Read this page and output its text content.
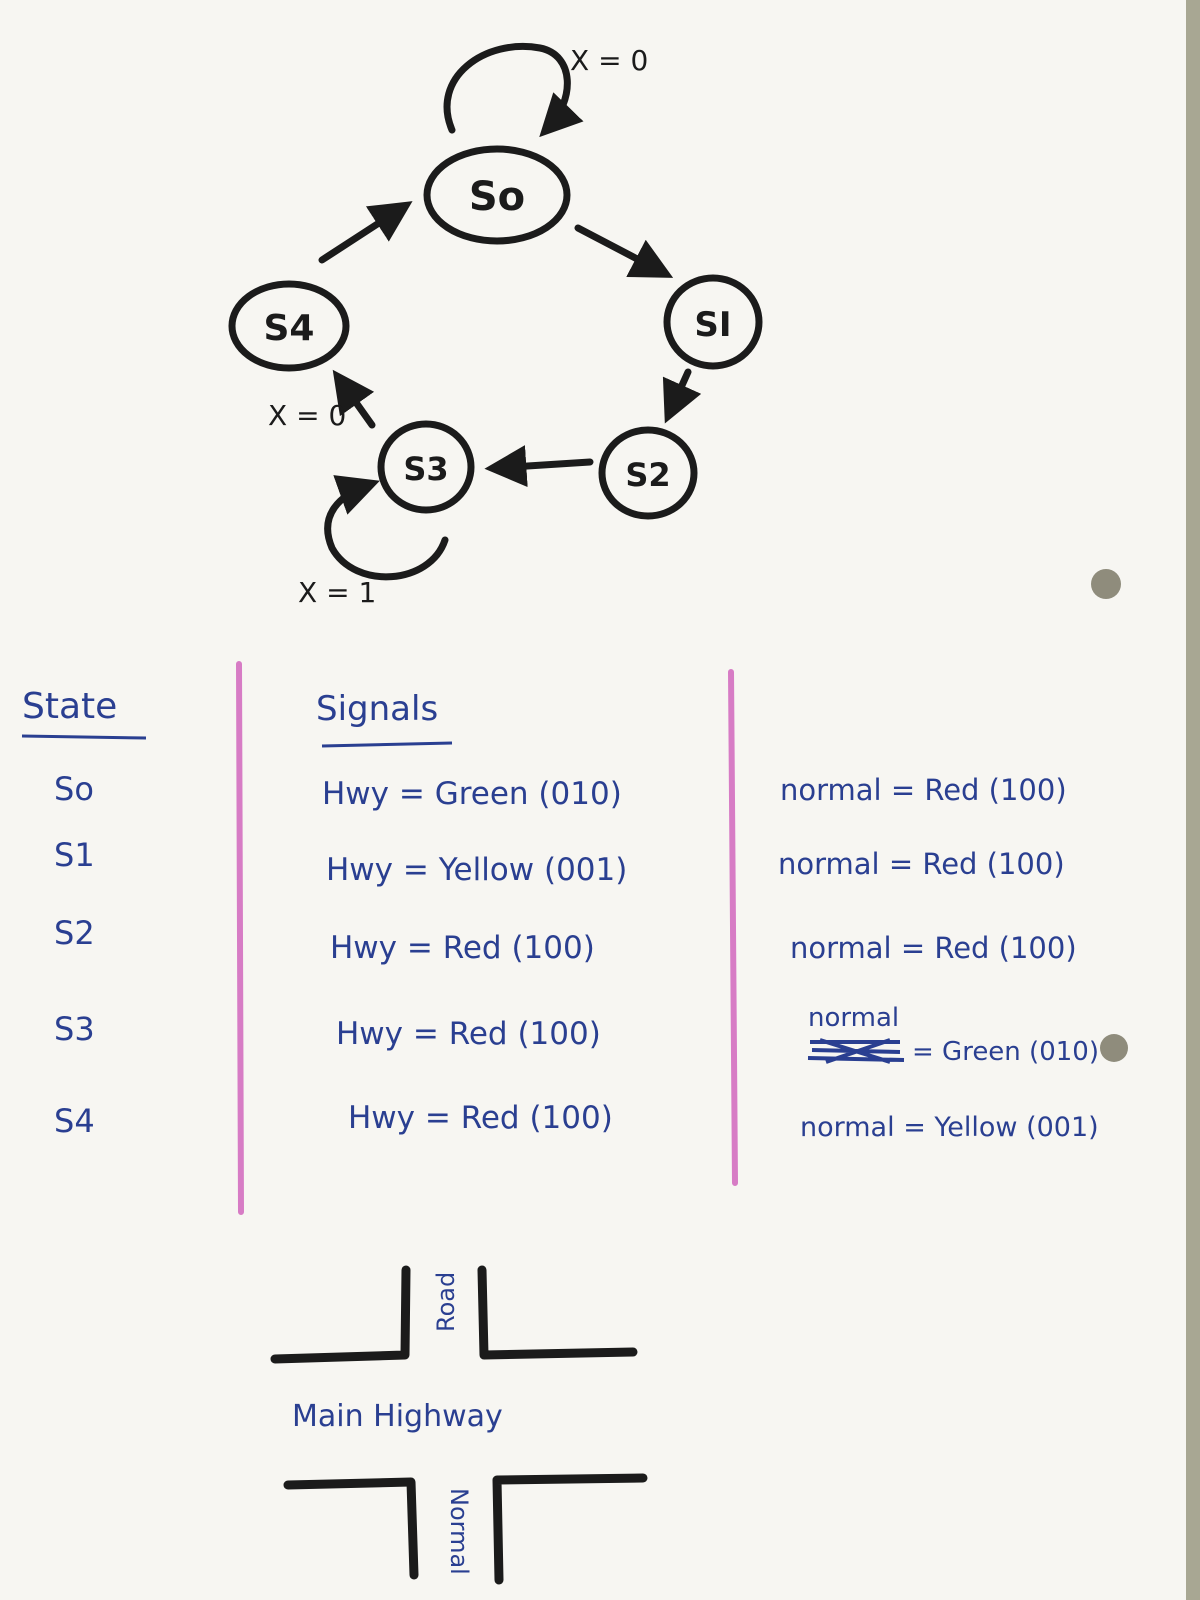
So
SI
S2
S3
S4
X = 0
X = 0
X = 1
State	Signals
So
S1
S2
S3
S4
Hwy = Green (010)
Hwy = Yellow (001)
Hwy = Red (100)
Hwy = Red (100)
Hwy = Red (100)
normal = Red (100)
normal = Red (100)
normal = Red (100)
normal
= Green (010)
normal = Yellow (001)
Main Highway
Road
Normal
